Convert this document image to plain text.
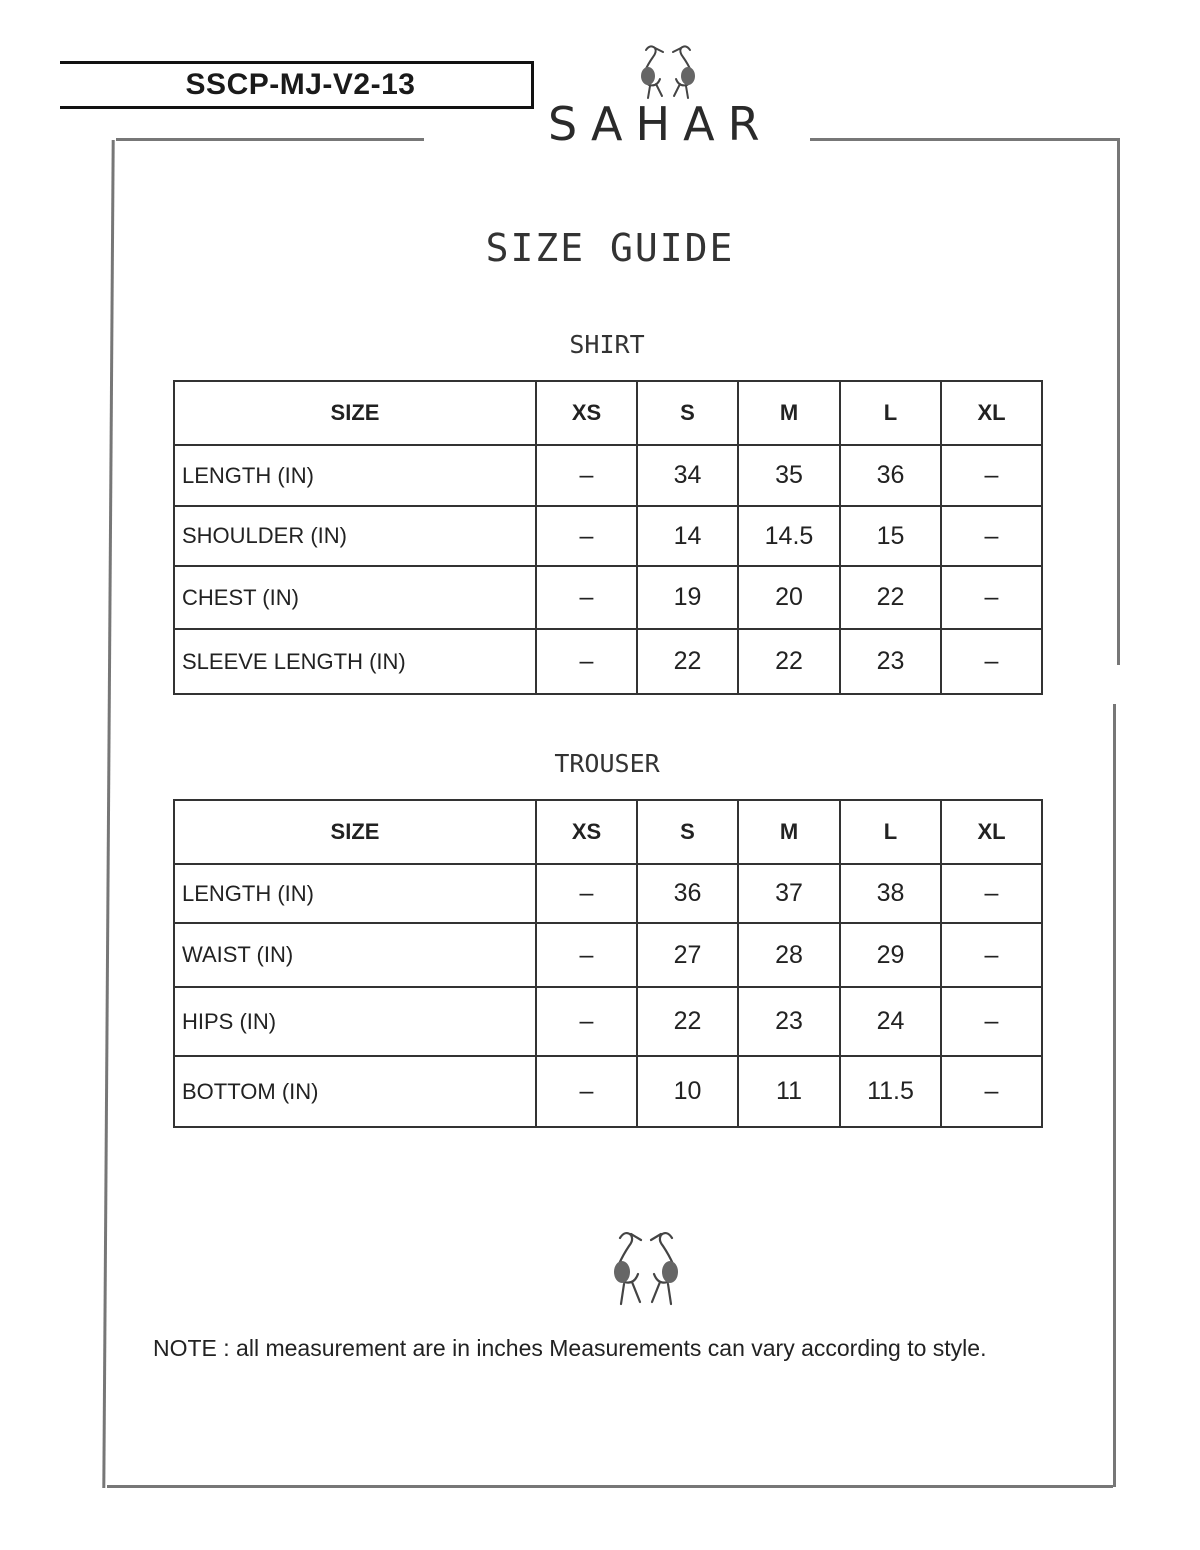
SSCP-MJ-V2-13
SAHAR
SIZE GUIDE
SHIRT
SIZE	XS	S	M	L	XL
LENGTH (IN)	–	34	35	36	–
SHOULDER (IN)	–	14	14.5	15	–
CHEST (IN)	–	19	20	22	–
SLEEVE LENGTH (IN)	–	22	22	23	–
TROUSER
SIZE	XS	S	M	L	XL
LENGTH (IN)	–	36	37	38	–
WAIST (IN)	–	27	28	29	–
HIPS (IN)	–	22	23	24	–
BOTTOM (IN)	–	10	11	11.5	–
NOTE : all measurement are in inches Measurements can vary according to style.
